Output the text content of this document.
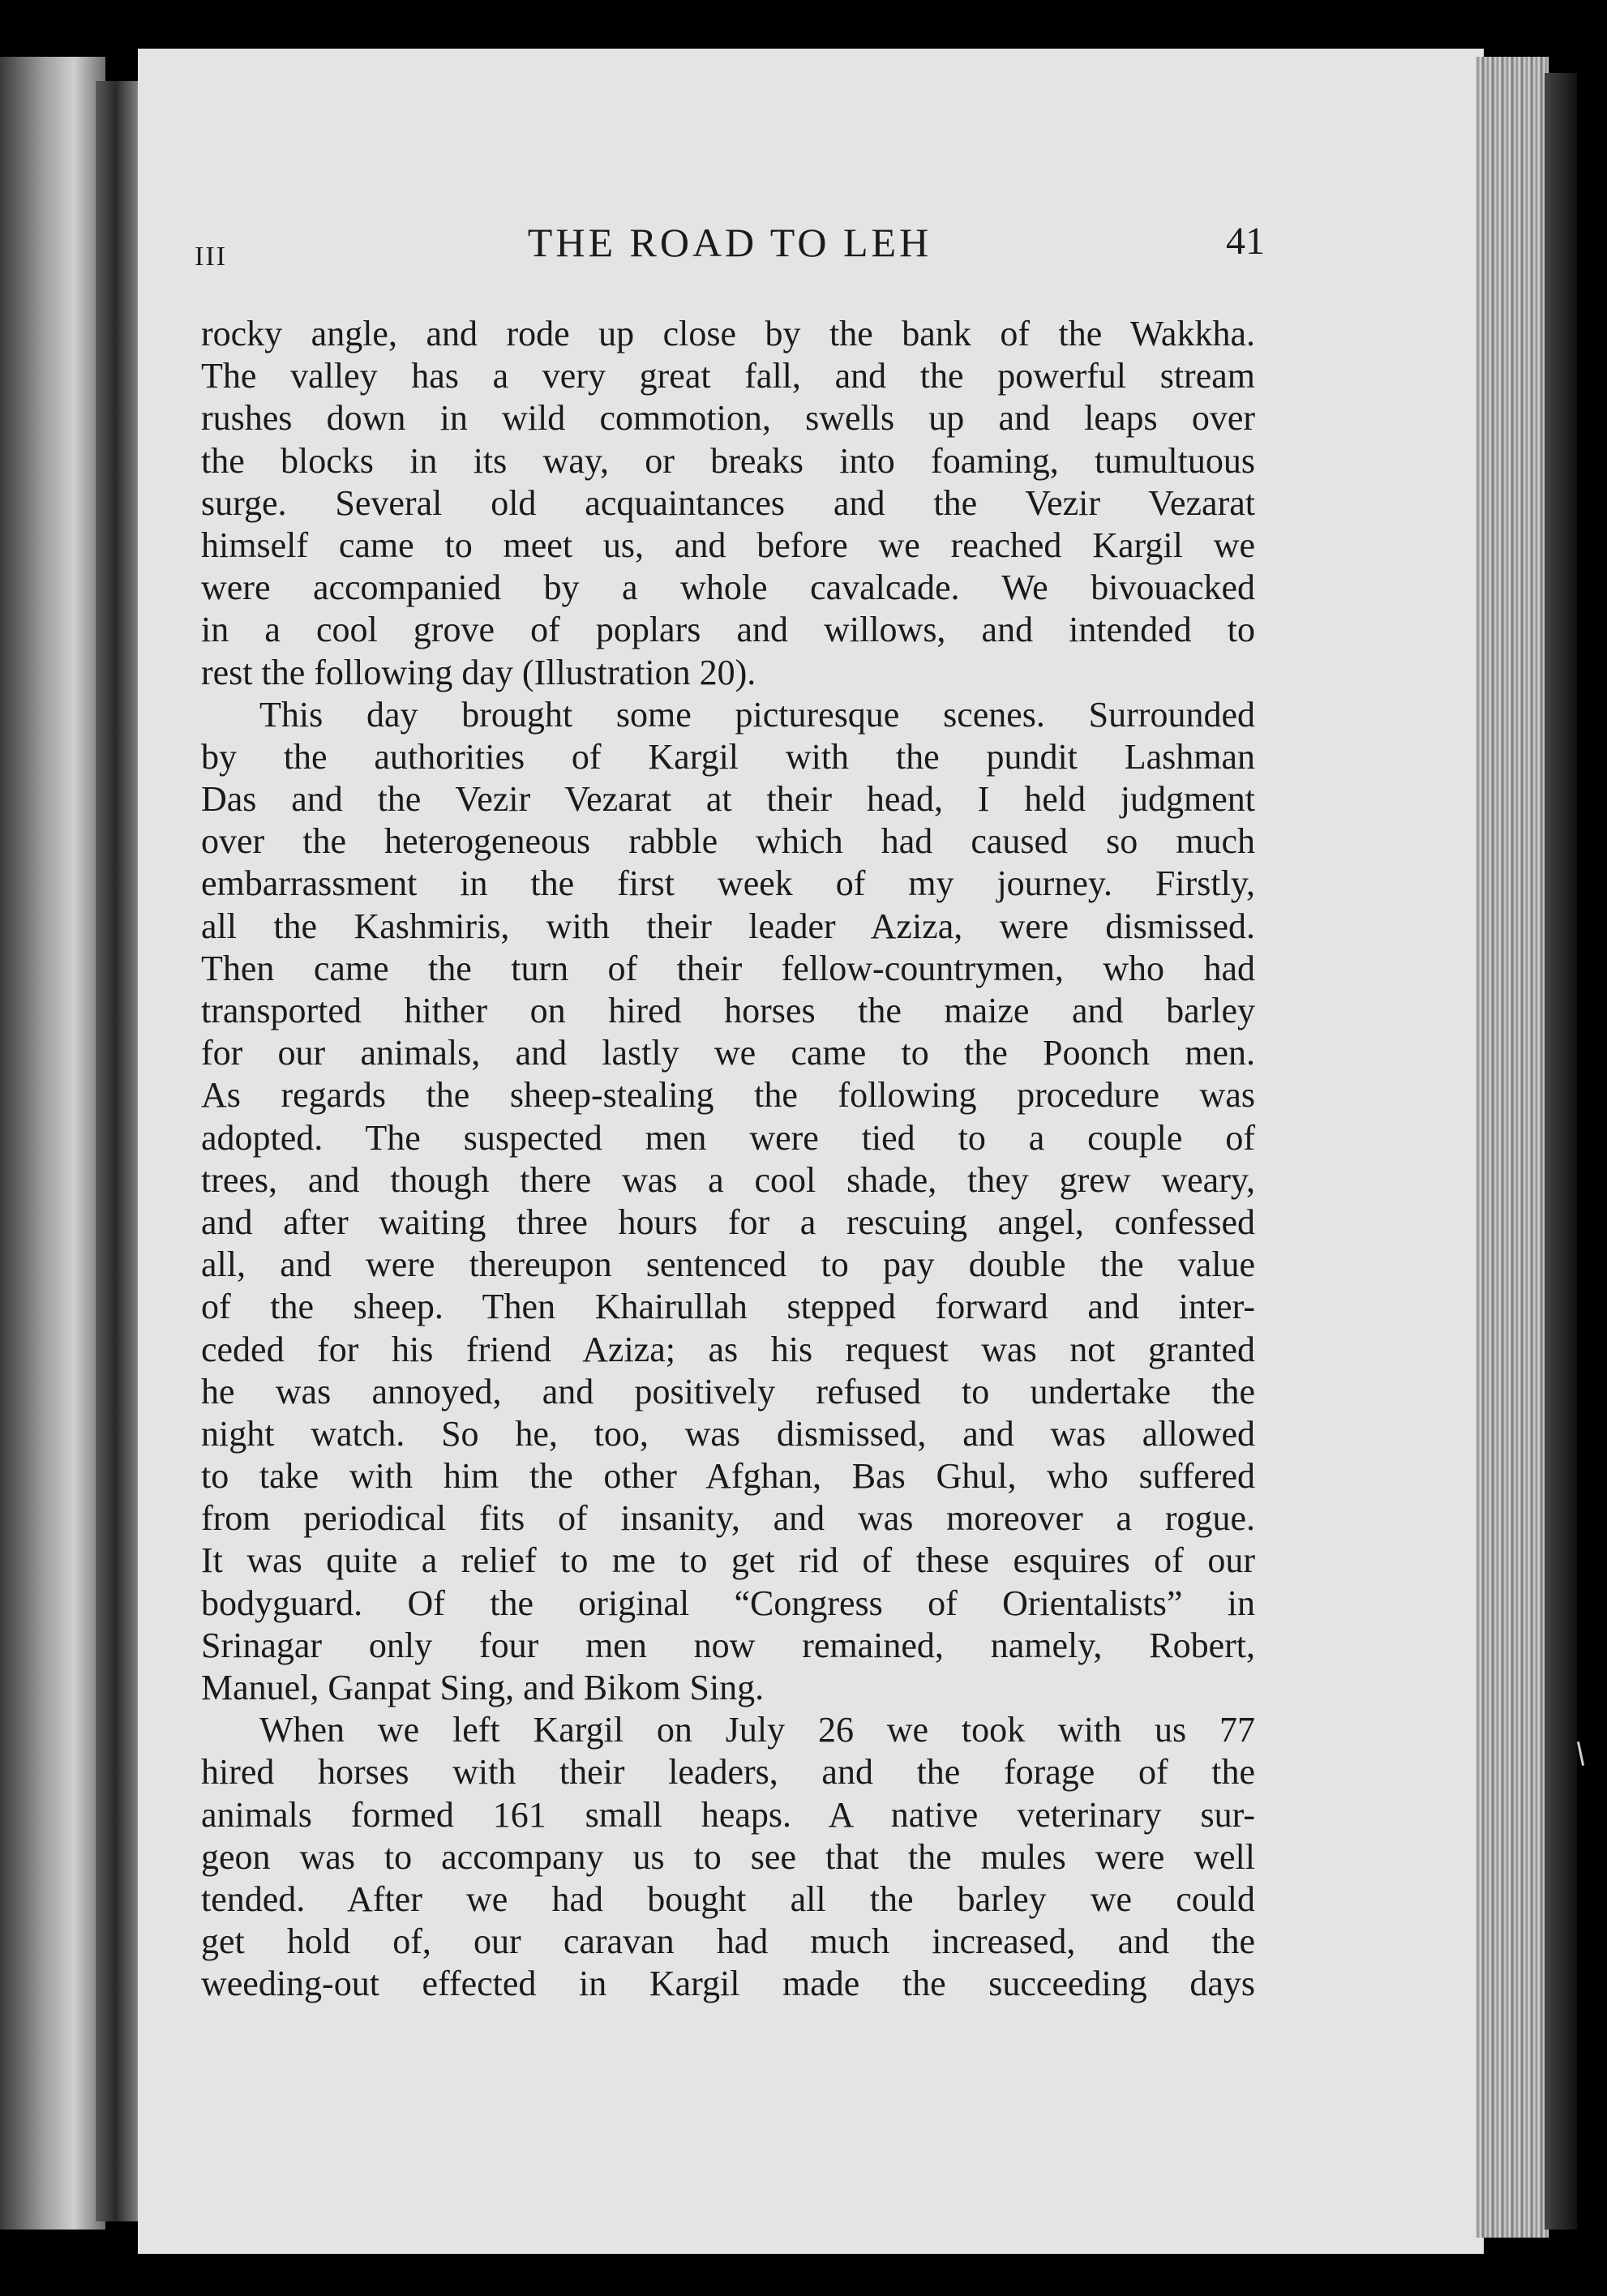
III	THE ROAD TO LEH	41
rocky angle, and rode up close by the bank of the Wakkha.
The valley has a very great fall, and the powerful stream
rushes down in wild commotion, swells up and leaps over
the blocks in its way, or breaks into foaming, tumultuous
surge. Several old acquaintances and the Vezir Vezarat
himself came to meet us, and before we reached Kargil we
were accompanied by a whole cavalcade. We bivouacked
in a cool grove of poplars and willows, and intended to
rest the following day (Illustration 20).
This day brought some picturesque scenes. Surrounded
by the authorities of Kargil with the pundit Lashman
Das and the Vezir Vezarat at their head, I held judgment
over the heterogeneous rabble which had caused so much
embarrassment in the first week of my journey. Firstly,
all the Kashmiris, with their leader Aziza, were dismissed.
Then came the turn of their fellow-countrymen, who had
transported hither on hired horses the maize and barley
for our animals, and lastly we came to the Poonch men.
As regards the sheep-stealing the following procedure was
adopted. The suspected men were tied to a couple of
trees, and though there was a cool shade, they grew weary,
and after waiting three hours for a rescuing angel, confessed
all, and were thereupon sentenced to pay double the value
of the sheep. Then Khairullah stepped forward and inter-
ceded for his friend Aziza; as his request was not granted
he was annoyed, and positively refused to undertake the
night watch. So he, too, was dismissed, and was allowed
to take with him the other Afghan, Bas Ghul, who suffered
from periodical fits of insanity, and was moreover a rogue.
It was quite a relief to me to get rid of these esquires of our
bodyguard. Of the original “Congress of Orientalists” in
Srinagar only four men now remained, namely, Robert,
Manuel, Ganpat Sing, and Bikom Sing.
When we left Kargil on July 26 we took with us 77
hired horses with their leaders, and the forage of the
animals formed 161 small heaps. A native veterinary sur-
geon was to accompany us to see that the mules were well
tended. After we had bought all the barley we could
get hold of, our caravan had much increased, and the
weeding-out effected in Kargil made the succeeding days
